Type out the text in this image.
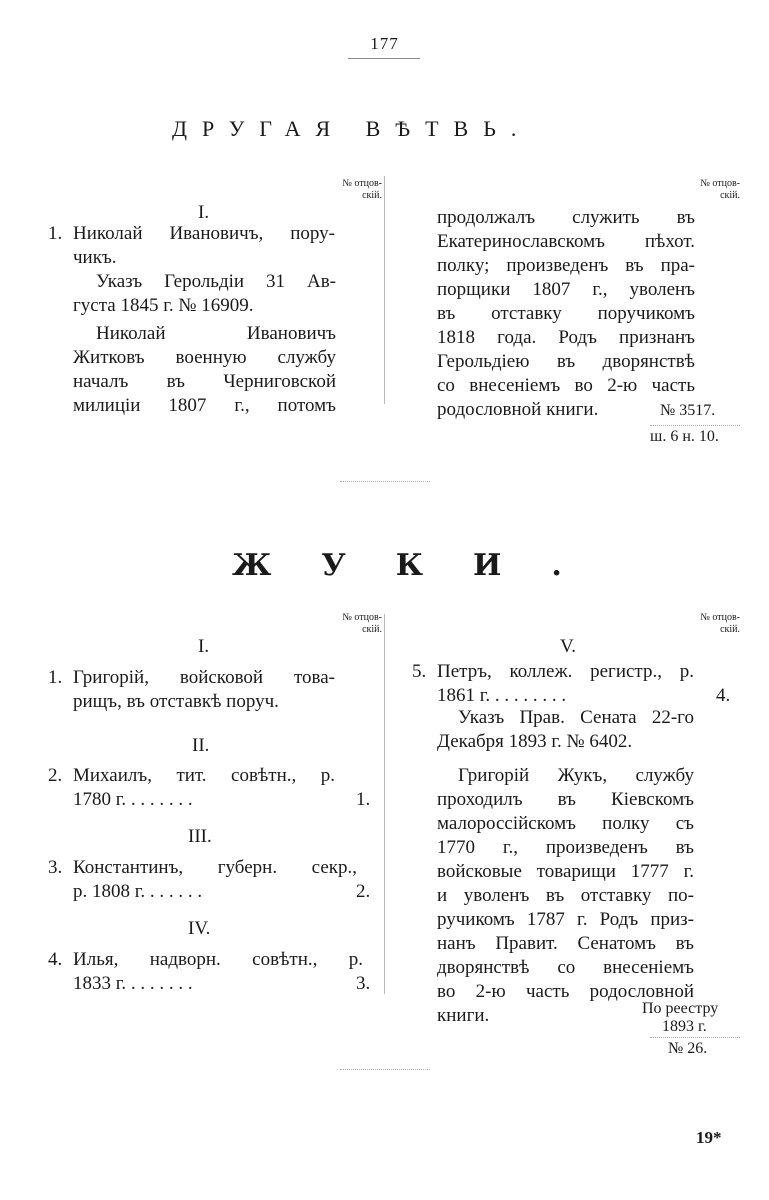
177
ДРУГАЯ ВѢТВЬ.
№ отцов-
скій.
№ отцов-
скій.
I.
1. Николай Ивановичъ, пору-
чикъ.
Указъ Герольдіи 31 Ав-
густа 1845 г. № 16909.
Николай Ивановичъ
Житковъ военную службу
началъ въ Черниговской
милиціи 1807 г., потомъ
продолжалъ служить въ
Екатеринославскомъ пѣхот.
полку; произведенъ въ пра-
порщики 1807 г., уволенъ
въ отставку поручикомъ
1818 года. Родъ признанъ
Герольдіею въ дворянствѣ
со внесеніемъ во 2-ю часть
родословной книги.	№ 3517.
ш. 6 н. 10.
ЖУКИ.
№ отцов-
скій.
№ отцов-
скій.
I.
1. Григорій, войсковой това-
рищъ, въ отставкѣ поруч.
II.
2. Михаилъ, тит. совѣтн., р.
1780 г. . . . . . . .	1.
III.
3. Константинъ, губерн. секр.,
р. 1808 г. . . . . . .	2.
IV.
4. Илья, надворн. совѣтн., р.
1833 г. . . . . . . .	3.
V.
5. Петръ, коллеж. регистр., р.
1861 г. . . . . . . . .	4.
Указъ Прав. Сената 22-го
Декабря 1893 г. № 6402.
Григорій Жукъ, службу
проходилъ въ Кіевскомъ
малороссійскомъ полку съ
1770 г., произведенъ въ
войсковые товарищи 1777 г.
и уволенъ въ отставку по-
ручикомъ 1787 г. Родъ приз-
нанъ Правит. Сенатомъ въ
дворянствѣ со внесеніемъ
во 2-ю часть родословной
книги.	По реестру
1893 г.
№ 26.
19*
